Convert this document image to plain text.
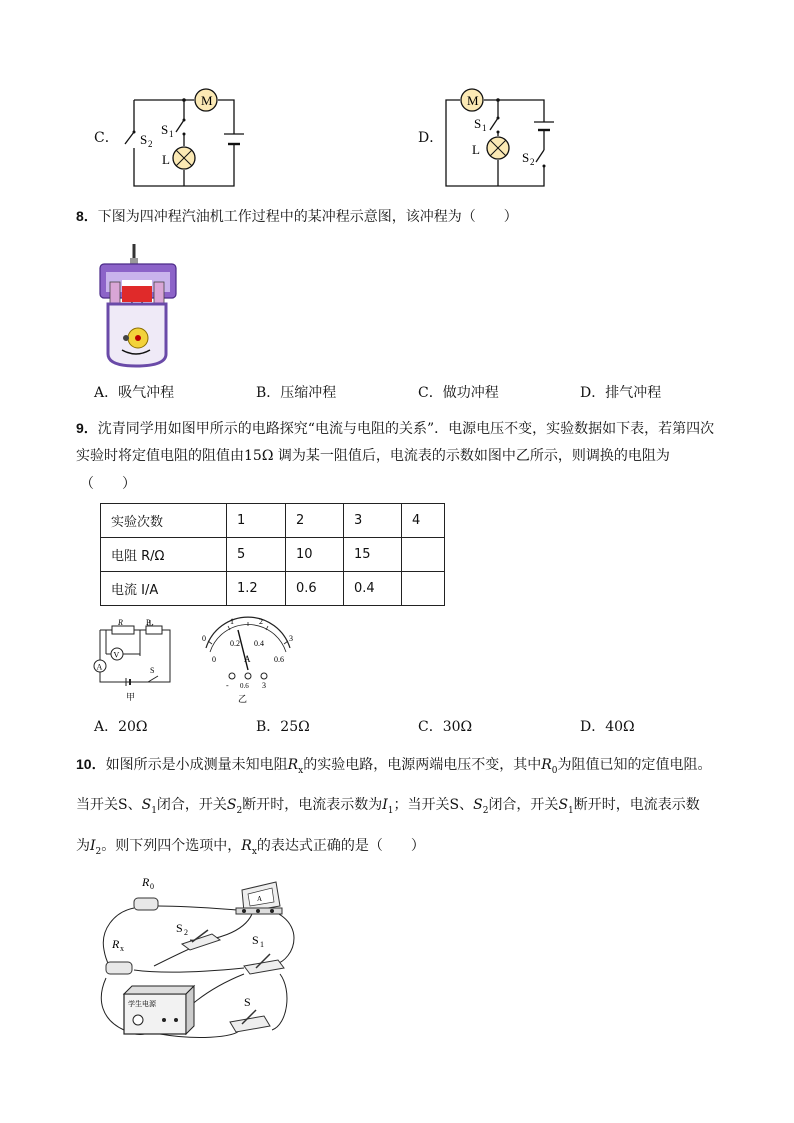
C．
M
S 1
S 2
L
D．
M
S 1
S 2
L
8．下图为四冲程汽油机工作过程中的某冲程示意图，该冲程为（　　）
A．吸气冲程	B．压缩冲程	C．做功冲程	D．排气冲程
9．沈青同学用如图甲所示的电路探究“电流与电阻的关系”．电源电压不变，实验数据如下表，若第四次
实验时将定值电阻的阻值由15Ω 调为某一阻值后，电流表的示数如图中乙所示，则调换的电阻为
（　　）
实验次数	1	2	3	4
电阻 R/Ω	5	10	15	
电流 I/A	1.2	0.6	0.4	
V
A
R	P
S
甲
0
1	2
3
0
0.2 0.4
0.6
A
- 0.6 3
乙
A．20Ω	B．25Ω	C．30Ω	D．40Ω
10．如图所示是小成测量未知电阻$R_x$的实验电路，电源两端电压不变，其中$R_0$为阻值已知的定值电阻。
当开关S、$S_1$闭合，开关$S_2$断开时，电流表示数为$I_1$；当开关S、$S_2$闭合，开关$S_1$断开时，电流表示数
为$I_2$。则下列四个选项中，$R_x$的表达式正确的是（　　）
R 0
A
S 2
R x
S 1
学生电源	S
